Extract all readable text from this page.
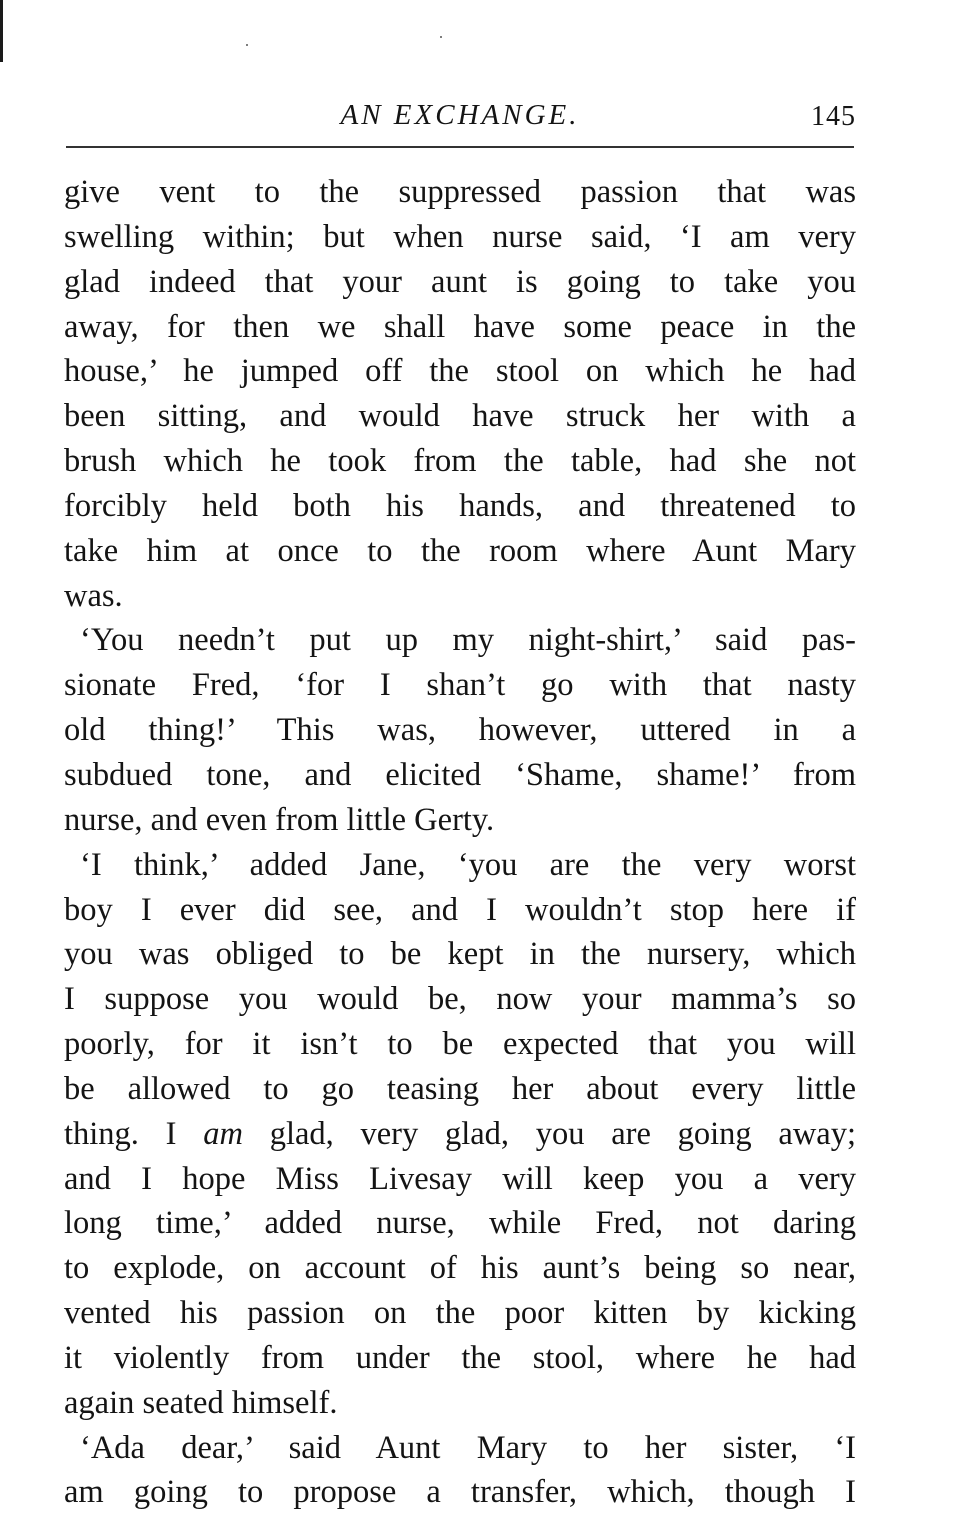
AN EXCHANGE.	145
give vent to the suppressed passion that was
swelling within; but when nurse said, ‘I am very
glad indeed that your aunt is going to take you
away, for then we shall have some peace in the
house,’ he jumped off the stool on which he had
been sitting, and would have struck her with a
brush which he took from the table, had she not
forcibly held both his hands, and threatened to
take him at once to the room where Aunt Mary
was.
‘You needn’t put up my night-shirt,’ said pas-
sionate Fred, ‘for I shan’t go with that nasty
old thing!’ This was, however, uttered in a
subdued tone, and elicited ‘Shame, shame!’ from
nurse, and even from little Gerty.
‘I think,’ added Jane, ‘you are the very worst
boy I ever did see, and I wouldn’t stop here if
you was obliged to be kept in the nursery, which
I suppose you would be, now your mamma’s so
poorly, for it isn’t to be expected that you will
be allowed to go teasing her about every little
thing. I am glad, very glad, you are going away;
and I hope Miss Livesay will keep you a very
long time,’ added nurse, while Fred, not daring
to explode, on account of his aunt’s being so near,
vented his passion on the poor kitten by kicking
it violently from under the stool, where he had
again seated himself.
‘Ada dear,’ said Aunt Mary to her sister, ‘I
am going to propose a transfer, which, though I
